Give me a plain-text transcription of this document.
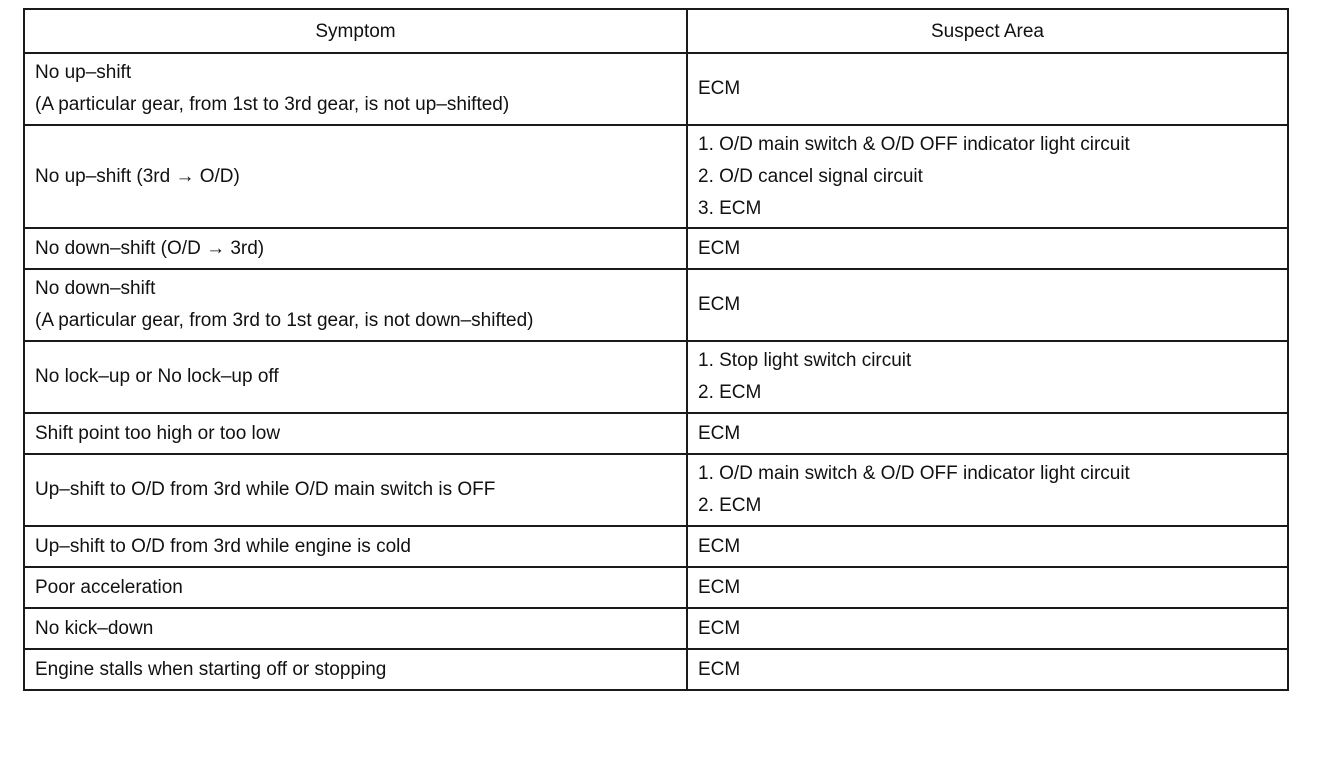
Symptom	Suspect Area

No up–shift
(A particular gear, from 1st to 3rd gear, is not up–shifted)	ECM

No up–shift (3rd → O/D)	1. O/D main switch & O/D OFF indicator light circuit
2. O/D cancel signal circuit
3. ECM

No down–shift (O/D → 3rd)	ECM

No down–shift
(A particular gear, from 3rd to 1st gear, is not down–shifted)	ECM

No lock–up or No lock–up off	1. Stop light switch circuit
2. ECM

Shift point too high or too low	ECM

Up–shift to O/D from 3rd while O/D main switch is OFF	1. O/D main switch & O/D OFF indicator light circuit
2. ECM

Up–shift to O/D from 3rd while engine is cold	ECM

Poor acceleration	ECM

No kick–down	ECM

Engine stalls when starting off or stopping	ECM
